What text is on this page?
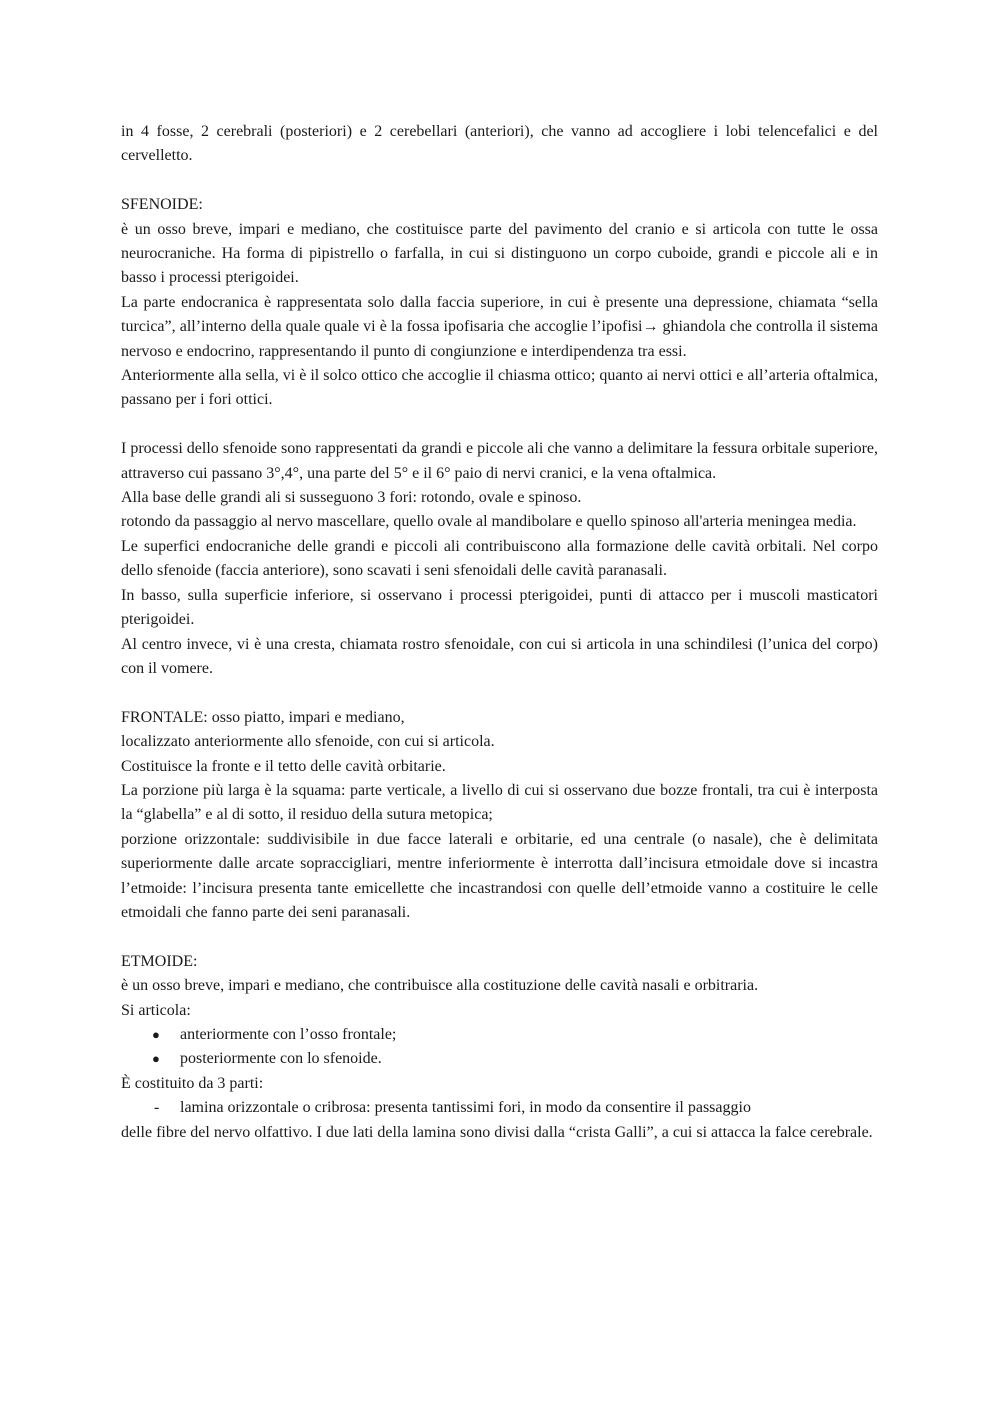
in 4 fosse, 2 cerebrali (posteriori) e 2 cerebellari (anteriori), che vanno ad accogliere i lobi telencefalici e del cervelletto.

SFENOIDE:

è un osso breve, impari e mediano, che costituisce parte del pavimento del cranio e si articola con tutte le ossa neurocraniche. Ha forma di pipistrello o farfalla, in cui si distinguono un corpo cuboide, grandi e piccole ali e in basso i processi pterigoidei.

La parte endocranica è rappresentata solo dalla faccia superiore, in cui è presente una depressione, chiamata “sella turcica”, all’interno della quale quale vi è la fossa ipofisaria che accoglie l’ipofisi→ ghiandola che controlla il sistema nervoso e endocrino, rappresentando il punto di congiunzione e interdipendenza tra essi.

Anteriormente alla sella, vi è il solco ottico che accoglie il chiasma ottico; quanto ai nervi ottici e all’arteria oftalmica, passano per i fori ottici.

I processi dello sfenoide sono rappresentati da grandi e piccole ali che vanno a delimitare la fessura orbitale superiore, attraverso cui passano 3°,4°, una parte del 5° e il 6° paio di nervi cranici, e la vena oftalmica.

Alla base delle grandi ali si susseguono 3 fori: rotondo, ovale e spinoso.

rotondo da passaggio al nervo mascellare, quello ovale al mandibolare e quello spinoso all'arteria meningea media.

Le superfici endocraniche delle grandi e piccoli ali contribuiscono alla formazione delle cavità orbitali. Nel corpo dello sfenoide (faccia anteriore), sono scavati i seni sfenoidali delle cavità paranasali.

In basso, sulla superficie inferiore, si osservano i processi pterigoidei, punti di attacco per i muscoli masticatori pterigoidei.

Al centro invece, vi è una cresta, chiamata rostro sfenoidale, con cui si articola in una schindilesi (l’unica del corpo) con il vomere.

FRONTALE: osso piatto, impari e mediano,

localizzato anteriormente allo sfenoide, con cui si articola.

Costituisce la fronte e il tetto delle cavità orbitarie.

La porzione più larga è la squama: parte verticale, a livello di cui si osservano due bozze frontali, tra cui è interposta la “glabella” e al di sotto, il residuo della sutura metopica;

porzione orizzontale: suddivisibile in due facce laterali e orbitarie, ed una centrale (o nasale), che è delimitata superiormente dalle arcate sopraccigliari, mentre inferiormente è interrotta dall’incisura etmoidale dove si incastra l’etmoide: l’incisura presenta tante emicellette che incastrandosi con quelle dell’etmoide vanno a costituire le celle etmoidali che fanno parte dei seni paranasali.

ETMOIDE:

è un osso breve, impari e mediano, che contribuisce alla costituzione delle cavità nasali e orbitraria.

Si articola:

● anteriormente con l’osso frontale;
● posteriormente con lo sfenoide.

È costituito da 3 parti:

- lamina orizzontale o cribrosa: presenta tantissimi fori, in modo da consentire il passaggio

delle fibre del nervo olfattivo. I due lati della lamina sono divisi dalla “crista Galli”, a cui si attacca la falce cerebrale.
